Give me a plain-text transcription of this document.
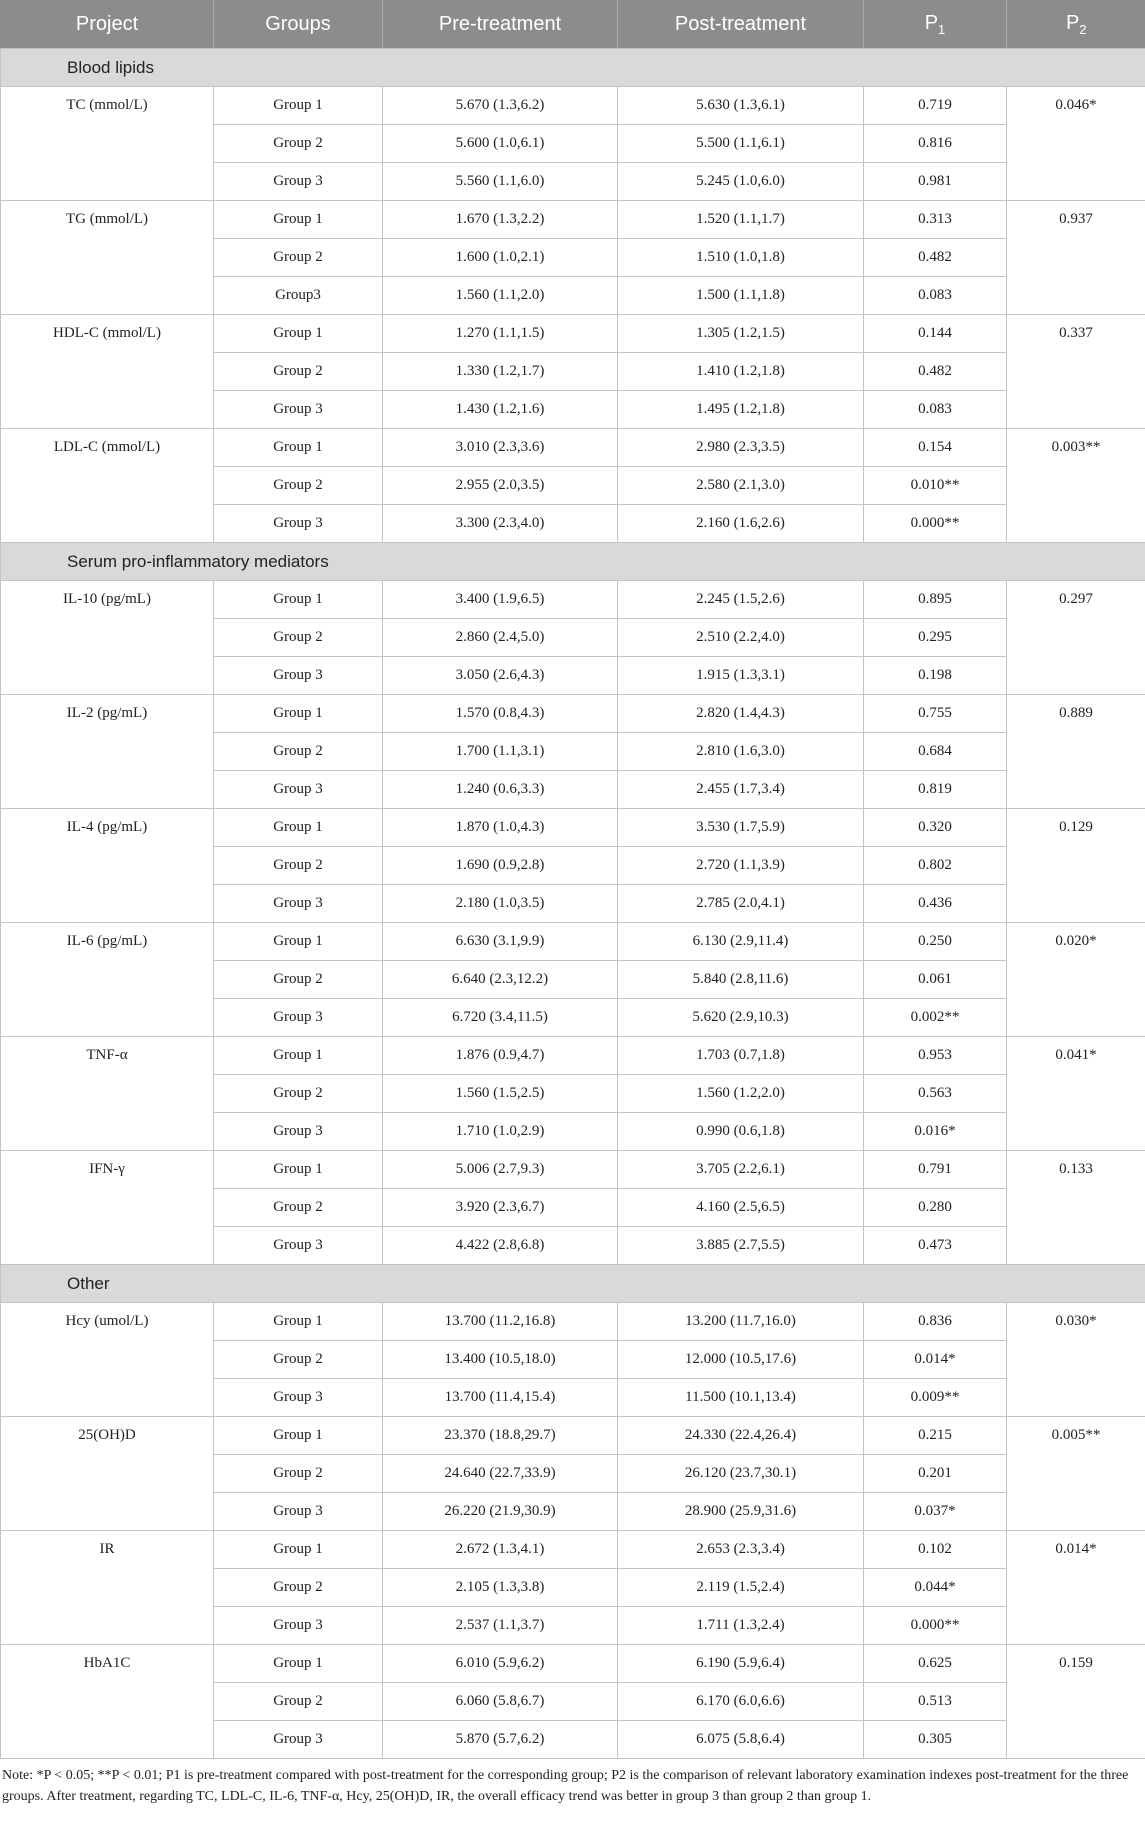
Project	Groups	Pre-treatment	Post-treatment	$P_1$	$P_2$
Blood lipids					
TC (mmol/L)	Group 1	5.670 (1.3,6.2)	5.630 (1.3,6.1)	0.719	0.046*
	Group 2	5.600 (1.0,6.1)	5.500 (1.1,6.1)	0.816	
	Group 3	5.560 (1.1,6.0)	5.245 (1.0,6.0)	0.981	
TG (mmol/L)	Group 1	1.670 (1.3,2.2)	1.520 (1.1,1.7)	0.313	0.937
	Group 2	1.600 (1.0,2.1)	1.510 (1.0,1.8)	0.482	
	Group3	1.560 (1.1,2.0)	1.500 (1.1,1.8)	0.083	
HDL-C (mmol/L)	Group 1	1.270 (1.1,1.5)	1.305 (1.2,1.5)	0.144	0.337
	Group 2	1.330 (1.2,1.7)	1.410 (1.2,1.8)	0.482	
	Group 3	1.430 (1.2,1.6)	1.495 (1.2,1.8)	0.083	
LDL-C (mmol/L)	Group 1	3.010 (2.3,3.6)	2.980 (2.3,3.5)	0.154	0.003**
	Group 2	2.955 (2.0,3.5)	2.580 (2.1,3.0)	0.010**	
	Group 3	3.300 (2.3,4.0)	2.160 (1.6,2.6)	0.000**	
Serum pro-inflammatory mediators					
IL-10 (pg/mL)	Group 1	3.400 (1.9,6.5)	2.245 (1.5,2.6)	0.895	0.297
	Group 2	2.860 (2.4,5.0)	2.510 (2.2,4.0)	0.295	
	Group 3	3.050 (2.6,4.3)	1.915 (1.3,3.1)	0.198	
IL-2 (pg/mL)	Group 1	1.570 (0.8,4.3)	2.820 (1.4,4.3)	0.755	0.889
	Group 2	1.700 (1.1,3.1)	2.810 (1.6,3.0)	0.684	
	Group 3	1.240 (0.6,3.3)	2.455 (1.7,3.4)	0.819	
IL-4 (pg/mL)	Group 1	1.870 (1.0,4.3)	3.530 (1.7,5.9)	0.320	0.129
	Group 2	1.690 (0.9,2.8)	2.720 (1.1,3.9)	0.802	
	Group 3	2.180 (1.0,3.5)	2.785 (2.0,4.1)	0.436	
IL-6 (pg/mL)	Group 1	6.630 (3.1,9.9)	6.130 (2.9,11.4)	0.250	0.020*
	Group 2	6.640 (2.3,12.2)	5.840 (2.8,11.6)	0.061	
	Group 3	6.720 (3.4,11.5)	5.620 (2.9,10.3)	0.002**	
TNF-α	Group 1	1.876 (0.9,4.7)	1.703 (0.7,1.8)	0.953	0.041*
	Group 2	1.560 (1.5,2.5)	1.560 (1.2,2.0)	0.563	
	Group 3	1.710 (1.0,2.9)	0.990 (0.6,1.8)	0.016*	
IFN-γ	Group 1	5.006 (2.7,9.3)	3.705 (2.2,6.1)	0.791	0.133
	Group 2	3.920 (2.3,6.7)	4.160 (2.5,6.5)	0.280	
	Group 3	4.422 (2.8,6.8)	3.885 (2.7,5.5)	0.473	
Other					
Hcy (umol/L)	Group 1	13.700 (11.2,16.8)	13.200 (11.7,16.0)	0.836	0.030*
	Group 2	13.400 (10.5,18.0)	12.000 (10.5,17.6)	0.014*	
	Group 3	13.700 (11.4,15.4)	11.500 (10.1,13.4)	0.009**	
25(OH)D	Group 1	23.370 (18.8,29.7)	24.330 (22.4,26.4)	0.215	0.005**
	Group 2	24.640 (22.7,33.9)	26.120 (23.7,30.1)	0.201	
	Group 3	26.220 (21.9,30.9)	28.900 (25.9,31.6)	0.037*	
IR	Group 1	2.672 (1.3,4.1)	2.653 (2.3,3.4)	0.102	0.014*
	Group 2	2.105 (1.3,3.8)	2.119 (1.5,2.4)	0.044*	
	Group 3	2.537 (1.1,3.7)	1.711 (1.3,2.4)	0.000**	
HbA1C	Group 1	6.010 (5.9,6.2)	6.190 (5.9,6.4)	0.625	0.159
	Group 2	6.060 (5.8,6.7)	6.170 (6.0,6.6)	0.513	
	Group 3	5.870 (5.7,6.2)	6.075 (5.8,6.4)	0.305	
Note: *P < 0.05; **P < 0.01; P1 is pre-treatment compared with post-treatment for the corresponding group; P2 is the comparison of relevant laboratory examination indexes post-treatment for the three groups. After treatment, regarding TC, LDL-C, IL-6, TNF-α, Hcy, 25(OH)D, IR, the overall efficacy trend was better in group 3 than group 2 than group 1.
